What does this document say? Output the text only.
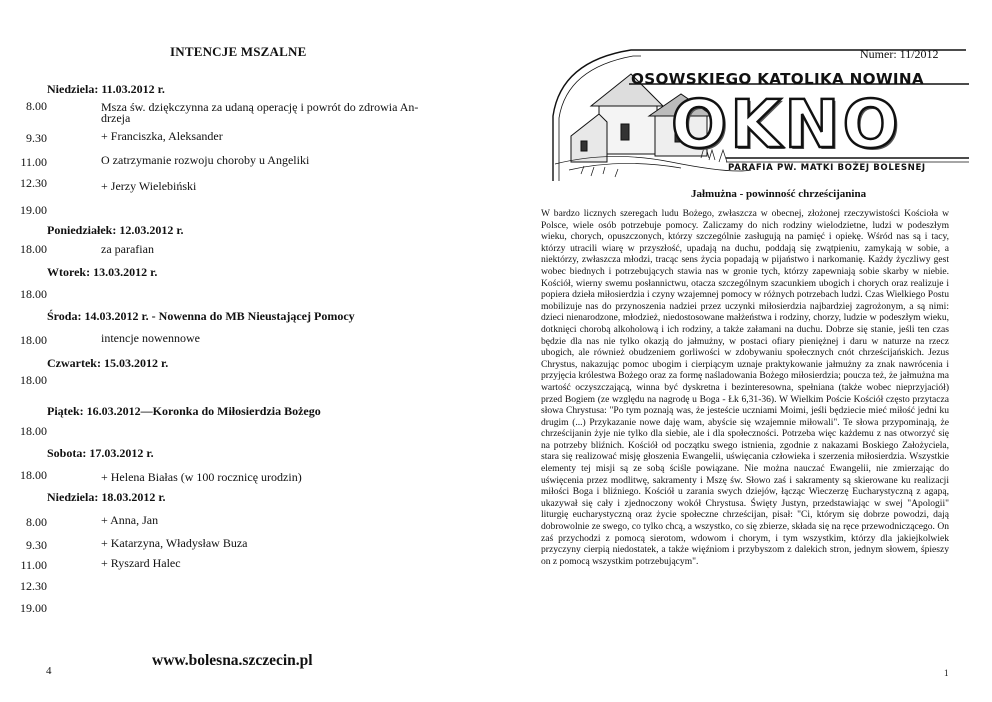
INTENCJE MSZALNE
Niedziela: 11.03.2012 r.
8.00	Msza św. dziękczynna za udaną operację i powrót do zdrowia An-
drzeja
9.30	+ Franciszka, Aleksander
11.00	O zatrzymanie rozwoju choroby u Angeliki
12.30	+ Jerzy Wielebiński
19.00
Poniedziałek: 12.03.2012 r.
18.00	za parafian
Wtorek: 13.03.2012 r.
18.00
Środa: 14.03.2012 r. - Nowenna do MB Nieustającej Pomocy
18.00	intencje nowennowe
Czwartek: 15.03.2012 r.
18.00
Piątek: 16.03.2012—Koronka do Miłosierdzia Bożego
18.00
Sobota: 17.03.2012 r.
18.00	+ Helena Białas (w 100 rocznicę urodzin)
Niedziela: 18.03.2012 r.
8.00	+ Anna, Jan
9.30	+ Katarzyna, Władysław Buza
11.00	+ Ryszard Halec
12.30
19.00
www.bolesna.szczecin.pl
4
Numer: 11/2012
OSOWSKIEGO KATOLIKA NOWINA
OKNO
PARAFIA PW. MATKI BOŻEJ BOLESNEJ
Jałmużna - powinność chrześcijanina
W bardzo licznych szeregach ludu Bożego, zwłaszcza w obecnej, złożonej rzeczywistości Kościoła w Polsce, wiele osób potrzebuje pomocy. Zaliczamy do nich rodziny wielodzietne, ludzi w podeszłym wieku, chorych, opuszczonych, którzy szczególnie zasługują na pamięć i opiekę. Wśród nas są i tacy, którzy utracili wiarę w przyszłość, upadają na duchu, poddają się zwątpieniu, zamykają w sobie, a niektórzy, zwłaszcza młodzi, tracąc sens życia popadają w pijaństwo i narkomanię. Każdy życzliwy gest wobec biednych i potrzebujących stawia nas w gronie tych, którzy zapewniają sobie skarby w niebie. Kościół, wierny swemu posłannictwu, otacza szczególnym szacunkiem ubogich i chorych oraz realizuje i popiera dzieła miłosierdzia i czyny wzajemnej pomocy w różnych potrzebach ludzi. Czas Wielkiego Postu mobilizuje nas do przynoszenia nadziei przez uczynki miłosierdzia najbardziej zagrożonym, a są nimi: dzieci nienarodzone, młodzież, niedostosowane małżeństwa i rodziny, chorzy, ludzie w podeszłym wieku, dotknięci chorobą alkoholową i ich rodziny, a także załamani na duchu. Dobrze się stanie, jeśli ten czas będzie dla nas nie tylko okazją do jałmużny, w postaci ofiary pieniężnej i daru w naturze na rzecz ubogich, ale również obudzeniem gorliwości w zdobywaniu społecznych cnót chrześcijańskich. Jezus Chrystus, nakazując pomoc ubogim i cierpiącym uznaje praktykowanie jałmużny za znak nawrócenia i przyjęcia królestwa Bożego oraz za formę naśladowania Bożego miłosierdzia; poucza też, że jałmużna ma wartość oczyszczającą, winna być dyskretna i bezinteresowna, spełniana (także wobec nieprzyjaciół) przed Bogiem (ze względu na nagrodę u Boga - Łk 6,31-36). W Wielkim Poście Kościół często przytacza słowa Chrystusa: "Po tym poznają was, że jesteście uczniami Moimi, jeśli będziecie mieć miłość jedni ku drugim (...) Przykazanie nowe daję wam, abyście się wzajemnie miłowali". Te słowa przypominają, że chrześcijanin żyje nie tylko dla siebie, ale i dla społeczności. Potrzeba więc każdemu z nas otworzyć się na potrzeby bliźnich. Kościół od początku swego istnienia, zgodnie z nakazami Boskiego Założyciela, stara się realizować misję głoszenia Ewangelii, uświęcania człowieka i szerzenia miłosierdzia. Wszystkie elementy tej misji są ze sobą ściśle powiązane. Nie można nauczać Ewangelii, nie zmierzając do uświęcenia przez modlitwę, sakramenty i Mszę św. Słowo zaś i sakramenty są skierowane ku realizacji miłości Boga i bliźniego. Kościół u zarania swych dziejów, łącząc Wieczerzę Eucharystyczną z agapą, ukazywał się cały i zjednoczony wokół Chrystusa. Święty Justyn, przedstawiając w swej "Apologii" liturgię eucharystyczną oraz życie społeczne chrześcijan, pisał: "Ci, którym się dobrze powodzi, dają dobrowolnie ze swego, co tylko chcą, a wszystko, co się zbierze, składa się na ręce przewodniczącego. On zaś przychodzi z pomocą sierotom, wdowom i chorym, i tym wszystkim, którzy dla jakiejkolwiek przyczyny cierpią niedostatek, a także więźniom i przybyszom z dalekich stron, jednym słowem, śpieszy on z pomocą wszystkim potrzebującym".
1
